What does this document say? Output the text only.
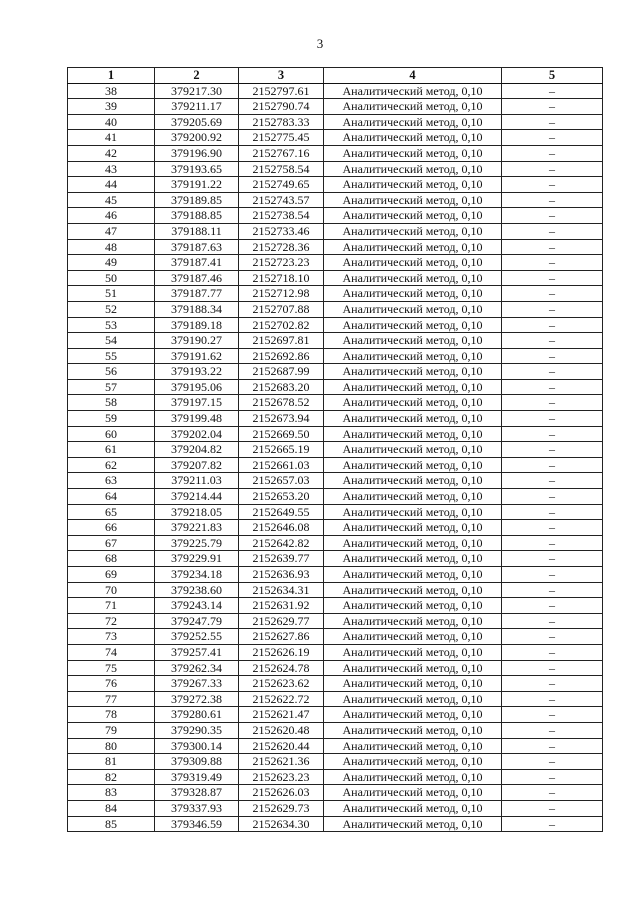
3
1	2	3	4	5
38	379217.30	2152797.61	Аналитический метод, 0,10	–
39	379211.17	2152790.74	Аналитический метод, 0,10	–
40	379205.69	2152783.33	Аналитический метод, 0,10	–
41	379200.92	2152775.45	Аналитический метод, 0,10	–
42	379196.90	2152767.16	Аналитический метод, 0,10	–
43	379193.65	2152758.54	Аналитический метод, 0,10	–
44	379191.22	2152749.65	Аналитический метод, 0,10	–
45	379189.85	2152743.57	Аналитический метод, 0,10	–
46	379188.85	2152738.54	Аналитический метод, 0,10	–
47	379188.11	2152733.46	Аналитический метод, 0,10	–
48	379187.63	2152728.36	Аналитический метод, 0,10	–
49	379187.41	2152723.23	Аналитический метод, 0,10	–
50	379187.46	2152718.10	Аналитический метод, 0,10	–
51	379187.77	2152712.98	Аналитический метод, 0,10	–
52	379188.34	2152707.88	Аналитический метод, 0,10	–
53	379189.18	2152702.82	Аналитический метод, 0,10	–
54	379190.27	2152697.81	Аналитический метод, 0,10	–
55	379191.62	2152692.86	Аналитический метод, 0,10	–
56	379193.22	2152687.99	Аналитический метод, 0,10	–
57	379195.06	2152683.20	Аналитический метод, 0,10	–
58	379197.15	2152678.52	Аналитический метод, 0,10	–
59	379199.48	2152673.94	Аналитический метод, 0,10	–
60	379202.04	2152669.50	Аналитический метод, 0,10	–
61	379204.82	2152665.19	Аналитический метод, 0,10	–
62	379207.82	2152661.03	Аналитический метод, 0,10	–
63	379211.03	2152657.03	Аналитический метод, 0,10	–
64	379214.44	2152653.20	Аналитический метод, 0,10	–
65	379218.05	2152649.55	Аналитический метод, 0,10	–
66	379221.83	2152646.08	Аналитический метод, 0,10	–
67	379225.79	2152642.82	Аналитический метод, 0,10	–
68	379229.91	2152639.77	Аналитический метод, 0,10	–
69	379234.18	2152636.93	Аналитический метод, 0,10	–
70	379238.60	2152634.31	Аналитический метод, 0,10	–
71	379243.14	2152631.92	Аналитический метод, 0,10	–
72	379247.79	2152629.77	Аналитический метод, 0,10	–
73	379252.55	2152627.86	Аналитический метод, 0,10	–
74	379257.41	2152626.19	Аналитический метод, 0,10	–
75	379262.34	2152624.78	Аналитический метод, 0,10	–
76	379267.33	2152623.62	Аналитический метод, 0,10	–
77	379272.38	2152622.72	Аналитический метод, 0,10	–
78	379280.61	2152621.47	Аналитический метод, 0,10	–
79	379290.35	2152620.48	Аналитический метод, 0,10	–
80	379300.14	2152620.44	Аналитический метод, 0,10	–
81	379309.88	2152621.36	Аналитический метод, 0,10	–
82	379319.49	2152623.23	Аналитический метод, 0,10	–
83	379328.87	2152626.03	Аналитический метод, 0,10	–
84	379337.93	2152629.73	Аналитический метод, 0,10	–
85	379346.59	2152634.30	Аналитический метод, 0,10	–
